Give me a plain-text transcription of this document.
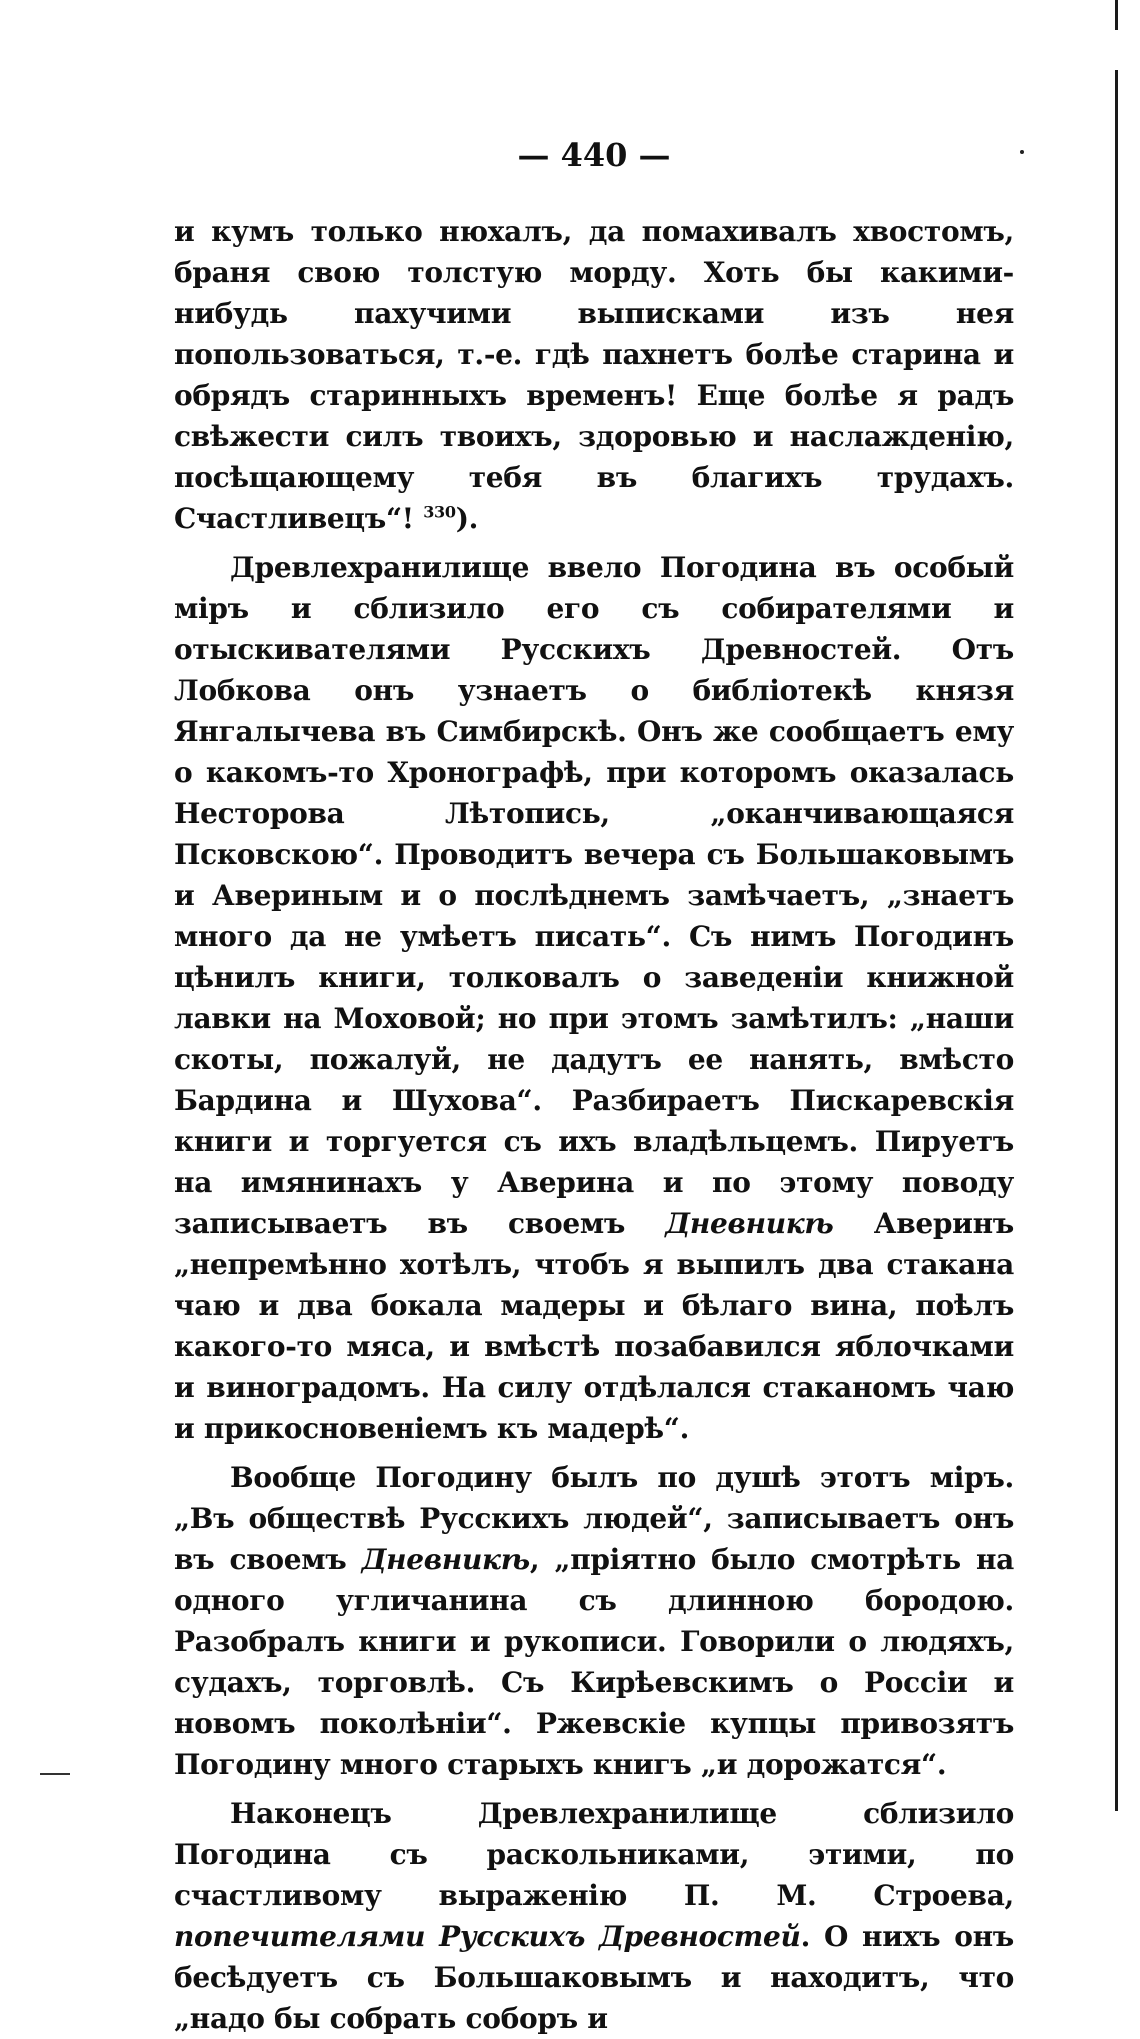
— 440 —

и кумъ только нюхалъ, да помахивалъ хвостомъ, браня свою толстую морду. Хоть бы какими-нибудь пахучими выписками изъ нея попользоваться, т.-е. гдѣ пахнетъ болѣе старина и обрядъ старинныхъ временъ! Еще болѣе я радъ свѣжести силъ твоихъ, здоровью и наслажденію, посѣщающему тебя въ благихъ трудахъ. Счастливецъ“! $^{330}$).

Древлехранилище ввело Погодина въ особый міръ и сблизило его съ собирателями и отыскивателями Русскихъ Древностей. Отъ Лобкова онъ узнаетъ о библіотекѣ князя Янгалычева въ Симбирскѣ. Онъ же сообщаетъ ему о какомъ-то Хронографѣ, при которомъ оказалась Несторова Лѣтопись, „оканчивающаяся Псковскою“. Проводитъ вечера съ Большаковымъ и Авериным и о послѣднемъ замѣчаетъ, „знаетъ много да не умѣетъ писать“. Съ нимъ Погодинъ цѣнилъ книги, толковалъ о заведеніи книжной лавки на Моховой; но при этомъ замѣтилъ: „наши скоты, пожалуй, не дадутъ ее нанять, вмѣсто Бардина и Шухова“. Разбираетъ Пискаревскія книги и торгуется съ ихъ владѣльцемъ. Пируетъ на имянинахъ у Аверина и по этому поводу записываетъ въ своемъ Дневникѣ Аверинъ „непремѣнно хотѣлъ, чтобъ я выпилъ два стакана чаю и два бокала мадеры и бѣлаго вина, поѣлъ какого-то мяса, и вмѣстѣ позабавился яблочками и виноградомъ. На силу отдѣлался стаканомъ чаю и прикосновеніемъ къ мадерѣ“.

Вообще Погодину былъ по душѣ этотъ міръ. „Въ обществѣ Русскихъ людей“, записываетъ онъ въ своемъ Дневникѣ, „пріятно было смотрѣть на одного угличанина съ длинною бородою. Разобралъ книги и рукописи. Говорили о людяхъ, судахъ, торговлѣ. Съ Кирѣевскимъ о Россіи и новомъ поколѣніи“. Ржевскіе купцы привозятъ Погодину много старыхъ книгъ „и дорожатся“.

Наконецъ Древлехранилище сблизило Погодина съ раскольниками, этими, по счастливому выраженію П. М. Строева, попечителями Русскихъ Древностей. О нихъ онъ бесѣдуетъ съ Большаковымъ и находитъ, что „надо бы собрать соборъ и
